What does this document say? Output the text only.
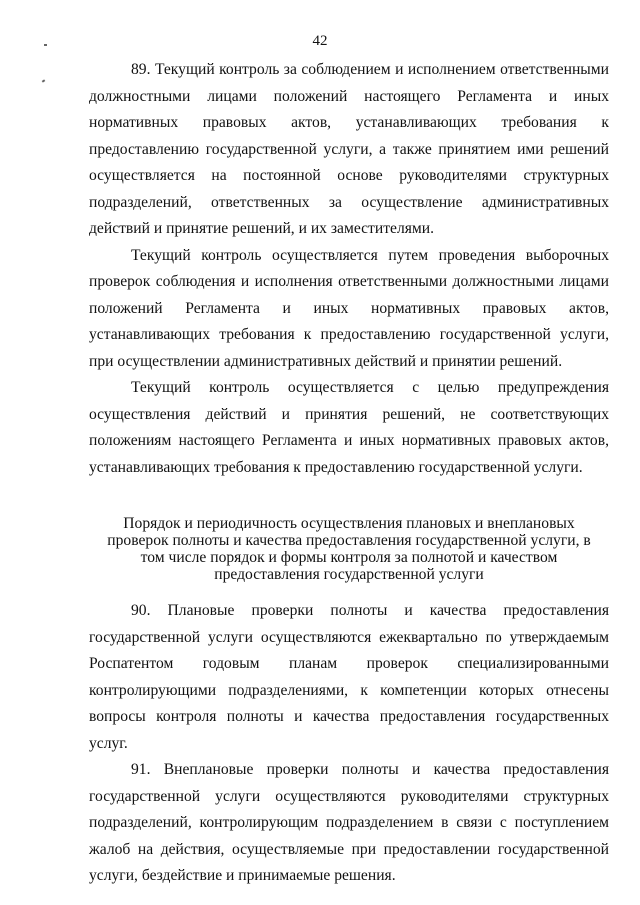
42

89. Текущий контроль за соблюдением и исполнением ответственными должностными лицами положений настоящего Регламента и иных нормативных правовых актов, устанавливающих требования к предоставлению государственной услуги, а также принятием ими решений осуществляется на постоянной основе руководителями структурных подразделений, ответственных за осуществление административных действий и принятие решений, и их заместителями.

Текущий контроль осуществляется путем проведения выборочных проверок соблюдения и исполнения ответственными должностными лицами положений Регламента и иных нормативных правовых актов, устанавливающих требования к предоставлению государственной услуги, при осуществлении административных действий и принятии решений.

Текущий контроль осуществляется с целью предупреждения осуществления действий и принятия решений, не соответствующих положениям настоящего Регламента и иных нормативных правовых актов, устанавливающих требования к предоставлению государственной услуги.

Порядок и периодичность осуществления плановых и внеплановых проверок полноты и качества предоставления государственной услуги, в том числе порядок и формы контроля за полнотой и качеством предоставления государственной услуги

90. Плановые проверки полноты и качества предоставления государственной услуги осуществляются ежеквартально по утверждаемым Роспатентом годовым планам проверок специализированными контролирующими подразделениями, к компетенции которых отнесены вопросы контроля полноты и качества предоставления государственных услуг.

91. Внеплановые проверки полноты и качества предоставления государственной услуги осуществляются руководителями структурных подразделений, контролирующим подразделением в связи с поступлением жалоб на действия, осуществляемые при предоставлении государственной услуги, бездействие и принимаемые решения.
